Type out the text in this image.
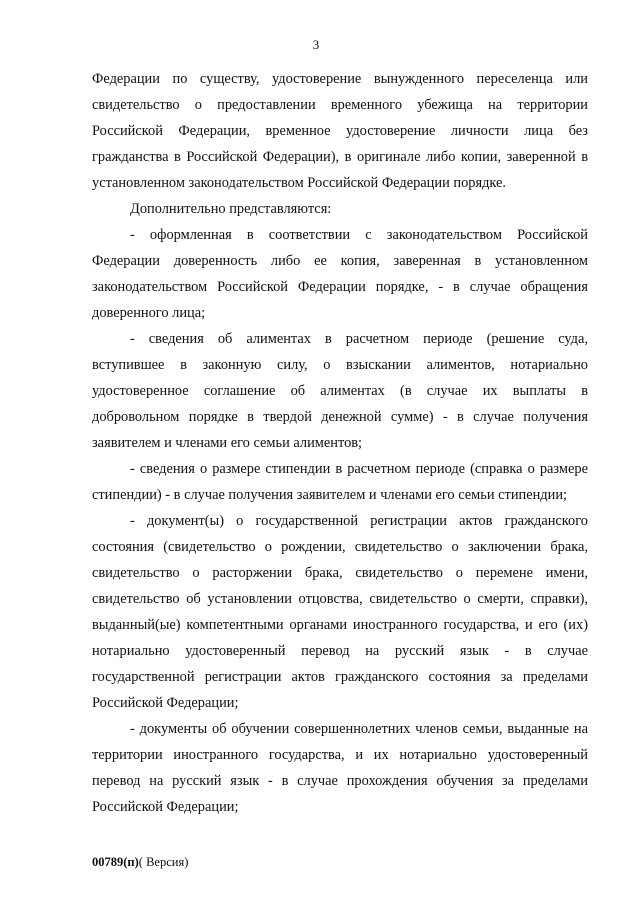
3
Федерации по существу, удостоверение вынужденного переселенца или
свидетельство о предоставлении временного убежища на территории
Российской Федерации, временное удостоверение личности лица без
гражданства в Российской Федерации), в оригинале либо копии, заверенной в
установленном законодательством Российской Федерации порядке.
Дополнительно представляются:
- оформленная в соответствии с законодательством Российской
Федерации доверенность либо ее копия, заверенная в установленном
законодательством Российской Федерации порядке, - в случае обращения
доверенного лица;
- сведения об алиментах в расчетном периоде (решение суда,
вступившее в законную силу, о взыскании алиментов, нотариально
удостоверенное соглашение об алиментах (в случае их выплаты в
добровольном порядке в твердой денежной сумме) - в случае получения
заявителем и членами его семьи алиментов;
- сведения о размере стипендии в расчетном периоде (справка о размере
стипендии) - в случае получения заявителем и членами его семьи стипендии;
- документ(ы) о государственной регистрации актов гражданского
состояния (свидетельство о рождении, свидетельство о заключении брака,
свидетельство о расторжении брака, свидетельство о перемене имени,
свидетельство об установлении отцовства, свидетельство о смерти, справки),
выданный(ые) компетентными органами иностранного государства, и его (их)
нотариально удостоверенный перевод на русский язык - в случае
государственной регистрации актов гражданского состояния за пределами
Российской Федерации;
- документы об обучении совершеннолетних членов семьи, выданные на
территории иностранного государства, и их нотариально удостоверенный
перевод на русский язык - в случае прохождения обучения за пределами
Российской Федерации;
00789(п)( Версия)
